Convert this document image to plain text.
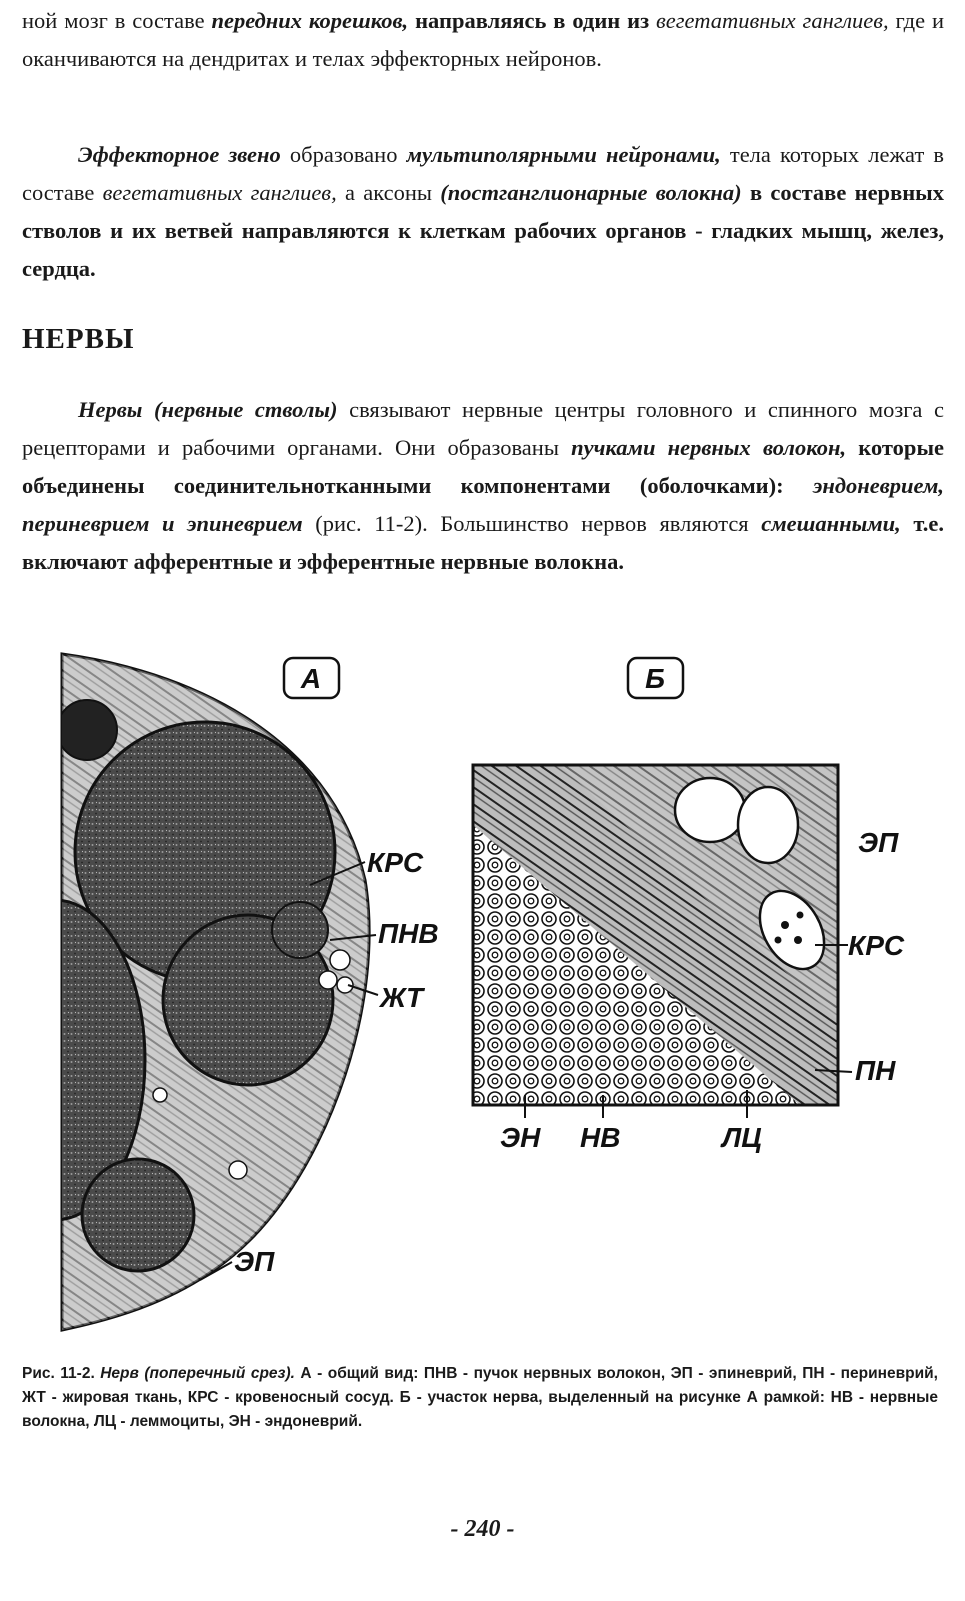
ной мозг в составе передних корешков, направляясь в один из вегетативных ганглиев, где и оканчиваются на дендритах и телах эффекторных нейронов.
Эффекторное звено образовано мультиполярными нейронами, тела которых лежат в составе вегетативных ганглиев, а аксоны (постганглионарные волокна) в составе нервных стволов и их ветвей направляются к клеткам рабочих органов - гладких мышц, желез, сердца.
НЕРВЫ
Нервы (нервные стволы) связывают нервные центры головного и спинного мозга с рецепторами и рабочими органами. Они образованы пучками нервных волокон, которые объединены соединительнотканными компонентами (оболочками): эндоневрием, периневрием и эпиневрием (рис. 11-2). Большинство нервов являются смешанными, т.е. включают афферентные и эфферентные нервные волокна.
А
КРС
ПНВ
ЖТ
ЭП
Б
ЭП
КРС
ПН
ЭН НВ	ЛЦ
Рис. 11-2. Нерв (поперечный срез). А - общий вид: ПНВ - пучок нервных волокон, ЭП - эпиневрий, ПН - периневрий, ЖТ - жировая ткань, КРС - кровеносный сосуд. Б - участок нерва, выделенный на рисунке А рамкой: НВ - нервные волокна, ЛЦ - леммоциты, ЭН - эндоневрий.
- 240 -
